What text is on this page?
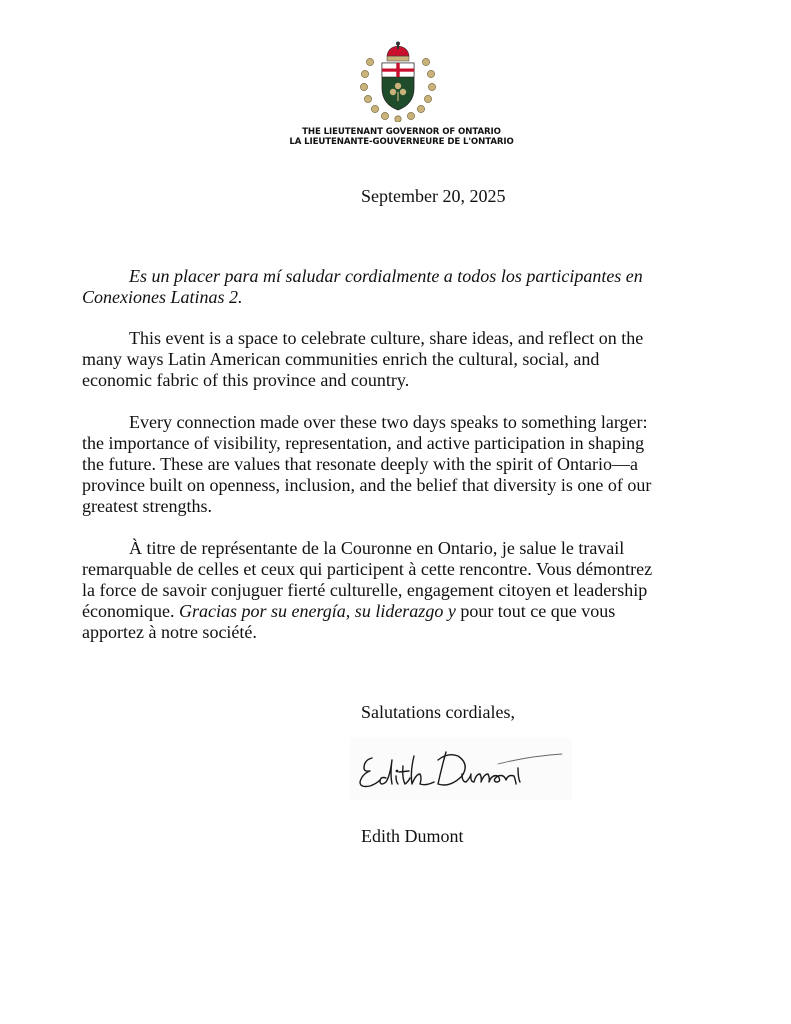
THE LIEUTENANT GOVERNOR OF ONTARIO
LA LIEUTENANTE-GOUVERNEURE DE L'ONTARIO
September 20, 2025
Es un placer para mí saludar cordialmente a todos los participantes en
Conexiones Latinas 2.
This event is a space to celebrate culture, share ideas, and reflect on the
many ways Latin American communities enrich the cultural, social, and
economic fabric of this province and country.
Every connection made over these two days speaks to something larger:
the importance of visibility, representation, and active participation in shaping
the future. These are values that resonate deeply with the spirit of Ontario—a
province built on openness, inclusion, and the belief that diversity is one of our
greatest strengths.
À titre de représentante de la Couronne en Ontario, je salue le travail
remarquable de celles et ceux qui participent à cette rencontre. Vous démontrez
la force de savoir conjuguer fierté culturelle, engagement citoyen et leadership
économique. Gracias por su energía, su liderazgo y pour tout ce que vous
apportez à notre société.
Salutations cordiales,
Edith Dumont
